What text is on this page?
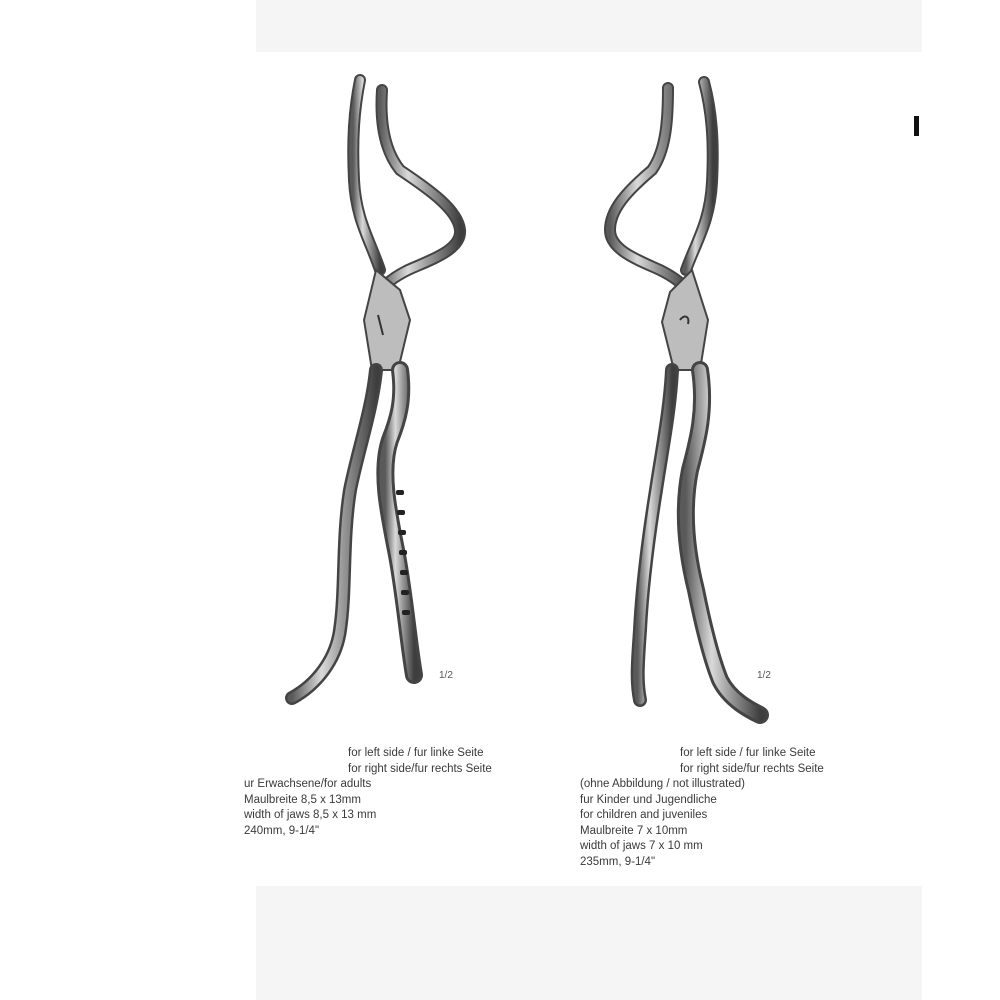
1/2	1/2
for left side / fur linke Seite
for right side/fur rechts Seite
ur Erwachsene/for adults
Maulbreite 8,5 x 13mm
width of jaws 8,5 x 13 mm
240mm, 9-1/4"
for left side / fur linke Seite
for right side/fur rechts Seite
(ohne Abbildung / not illustrated)
fur Kinder und Jugendliche
for children and juveniles
Maulbreite 7 x 10mm
width of jaws 7 x 10 mm
235mm, 9-1/4"
